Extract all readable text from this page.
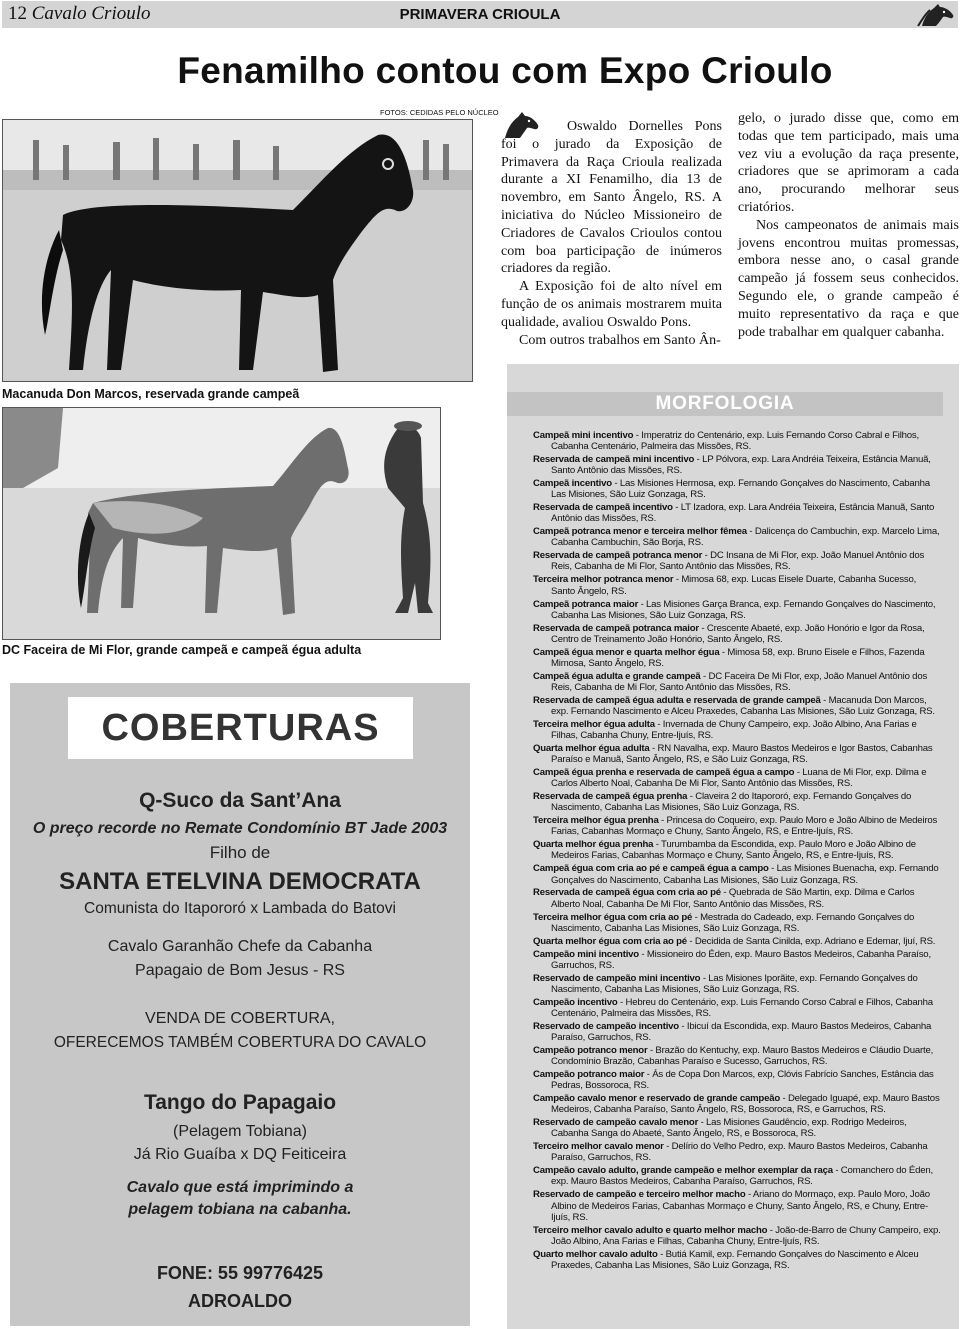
12 Cavalo Crioulo	PRIMAVERA CRIOULA
Fenamilho contou com Expo Crioulo
FOTOS: CEDIDAS PELO NÚCLEO
Macanuda Don Marcos, reservada grande campeã
DC Faceira de Mi Flor, grande campeã e campeã égua adulta
COBERTURAS
Q-Suco da Sant’Ana
O preço recorde no Remate Condomínio BT Jade 2003
Filho de
SANTA ETELVINA DEMOCRATA
Comunista do Itapororó x Lambada do Batovi
Cavalo Garanhão Chefe da Cabanha
Papagaio de Bom Jesus - RS
VENDA DE COBERTURA,
OFERECEMOS TAMBÉM COBERTURA DO CAVALO
Tango do Papagaio
(Pelagem Tobiana)
Já Rio Guaíba x DQ Feiticeira
Cavalo que está imprimindo a
pelagem tobiana na cabanha.
FONE: 55 99776425
ADROALDO

Oswaldo Dornelles Pons foi o jurado da Exposição de Primavera da Raça Crioula realizada durante a XI Fenamilho, dia 13 de novembro, em Santo Ângelo, RS. A iniciativa do Núcleo Missioneiro de Criadores de Cavalos Crioulos contou com boa participação de inúmeros criadores da região.

A Exposição foi de alto nível em função de os animais mostrarem muita qualidade, avaliou Oswaldo Pons.

Com outros trabalhos em Santo Ân-

gelo, o jurado disse que, como em todas que tem participado, mais uma vez viu a evolução da raça presente, criadores que se aprimoram a cada ano, procurando melhorar seus criatórios.

Nos campeonatos de animais mais jovens encontrou muitas promessas, embora nesse ano, o casal grande campeão já fossem seus conhecidos. Segundo ele, o grande campeão é muito representativo da raça e que pode trabalhar em qualquer cabanha.

MORFOLOGIA

Campeã mini incentivo - Imperatriz do Centenário, exp. Luis Fernando Corso Cabral e Filhos, Cabanha Centenário, Palmeira das Missões, RS.

Reservada de campeã mini incentivo - LP Pólvora, exp. Lara Andréia Teixeira, Estância Manuã, Santo Antônio das Missões, RS.

Campeã incentivo - Las Misiones Hermosa, exp. Fernando Gonçalves do Nascimento, Cabanha Las Misiones, São Luiz Gonzaga, RS.

Reservada de campeã incentivo - LT Izadora, exp. Lara Andréia Teixeira, Estância Manuã, Santo Antônio das Missões, RS.

Campeã potranca menor e terceira melhor fêmea - Dalicença do Cambuchin, exp. Marcelo Lima, Cabanha Cambuchin, São Borja, RS.

Reservada de campeã potranca menor - DC Insana de Mi Flor, exp. João Manuel Antônio dos Reis, Cabanha de Mi Flor, Santo Antônio das Missões, RS.

Terceira melhor potranca menor - Mimosa 68, exp. Lucas Eisele Duarte, Cabanha Sucesso, Santo Ângelo, RS.

Campeã potranca maior - Las Misiones Garça Branca, exp. Fernando Gonçalves do Nascimento, Cabanha Las Misiones, São Luiz Gonzaga, RS.

Reservada de campeã potranca maior - Crescente Abaeté, exp. João Honório e Igor da Rosa, Centro de Treinamento João Honório, Santo Ângelo, RS.

Campeã égua menor e quarta melhor égua - Mimosa 58, exp. Bruno Eisele e Filhos, Fazenda Mimosa, Santo Ângelo, RS.

Campeã égua adulta e grande campeã - DC Faceira De Mi Flor, exp, João Manuel Antônio dos Reis, Cabanha de Mi Flor, Santo Antônio das Missões, RS.

Reservada de campeã égua adulta e reservada de grande campeã - Macanuda Don Marcos, exp. Fernando Nascimento e Alceu Praxedes, Cabanha Las Misiones, São Luiz Gonzaga, RS.

Terceira melhor égua adulta - Invernada de Chuny Campeiro, exp. João Albino, Ana Farias e Filhas, Cabanha Chuny, Entre-Ijuís, RS.

Quarta melhor égua adulta - RN Navalha, exp. Mauro Bastos Medeiros e Igor Bastos, Cabanhas Paraíso e Manuã, Santo Ângelo, RS, e São Luiz Gonzaga, RS.

Campeã égua prenha e reservada de campeã égua a campo - Luana de Mi Flor, exp. Dilma e Carlos Alberto Noal, Cabanha De Mi Flor, Santo Antônio das Missões, RS.

Reservada de campeã égua prenha - Claveira 2 do Itapororó, exp. Fernando Gonçalves do Nascimento, Cabanha Las Misiones, São Luiz Gonzaga, RS.

Terceira melhor égua prenha - Princesa do Coqueiro, exp. Paulo Moro e João Albino de Medeiros Farias, Cabanhas Mormaço e Chuny, Santo Ângelo, RS, e Entre-Ijuís, RS.

Quarta melhor égua prenha - Turumbamba da Escondida, exp. Paulo Moro e João Albino de Medeiros Farias, Cabanhas Mormaço e Chuny, Santo Ângelo, RS, e Entre-Ijuís, RS.

Campeã égua com cria ao pé e campeã égua a campo - Las Misiones Buenacha, exp. Fernando Gonçalves do Nascimento, Cabanha Las Misiones, São Luiz Gonzaga, RS.

Reservada de campeã égua com cria ao pé - Quebrada de São Martin, exp. Dilma e Carlos Alberto Noal, Cabanha De Mi Flor, Santo Antônio das Missões, RS.

Terceira melhor égua com cria ao pé - Mestrada do Cadeado, exp. Fernando Gonçalves do Nascimento, Cabanha Las Misiones, São Luiz Gonzaga, RS.

Quarta melhor égua com cria ao pé - Decidida de Santa Cinilda, exp. Adriano e Edemar, Ijuí, RS.

Campeão mini incentivo - Missioneiro do Éden, exp. Mauro Bastos Medeiros, Cabanha Paraíso, Garruchos, RS.

Reservado de campeão mini incentivo - Las Misiones Iporãite, exp. Fernando Gonçalves do Nascimento, Cabanha Las Misiones, São Luiz Gonzaga, RS.

Campeão incentivo - Hebreu do Centenário, exp. Luis Fernando Corso Cabral e Filhos, Cabanha Centenário, Palmeira das Missões, RS.

Reservado de campeão incentivo - Ibicuí da Escondida, exp. Mauro Bastos Medeiros, Cabanha Paraíso, Garruchos, RS.

Campeão potranco menor - Brazão do Kentuchy, exp. Mauro Bastos Medeiros e Cláudio Duarte, Condomínio Brazão, Cabanhas Paraíso e Sucesso, Garruchos, RS.

Campeão potranco maior - Ás de Copa Don Marcos, exp, Clóvis Fabrício Sanches, Estância das Pedras, Bossoroca, RS.

Campeão cavalo menor e reservado de grande campeão - Delegado Iguapé, exp. Mauro Bastos Medeiros, Cabanha Paraíso, Santo Ângelo, RS, Bossoroca, RS, e Garruchos, RS.

Reservado de campeão cavalo menor - Las Misiones Gaudêncio, exp. Rodrigo Medeiros, Cabanha Sanga do Abaeté, Santo Ângelo, RS, e Bossoroca, RS.

Terceiro melhor cavalo menor - Delírio do Velho Pedro, exp. Mauro Bastos Medeiros, Cabanha Paraíso, Garruchos, RS.

Campeão cavalo adulto, grande campeão e melhor exemplar da raça - Comanchero do Éden, exp. Mauro Bastos Medeiros, Cabanha Paraíso, Garruchos, RS.

Reservado de campeão e terceiro melhor macho - Ariano do Mormaço, exp. Paulo Moro, João Albino de Medeiros Farias, Cabanhas Mormaço e Chuny, Santo Ângelo, RS, e Chuny, Entre-Ijuís, RS.

Terceiro melhor cavalo adulto e quarto melhor macho - João-de-Barro de Chuny Campeiro, exp. João Albino, Ana Farias e Filhas, Cabanha Chuny, Entre-Ijuís, RS.

Quarto melhor cavalo adulto - Butiá Kamil, exp. Fernando Gonçalves do Nascimento e Alceu Praxedes, Cabanha Las Misiones, São Luiz Gonzaga, RS.
